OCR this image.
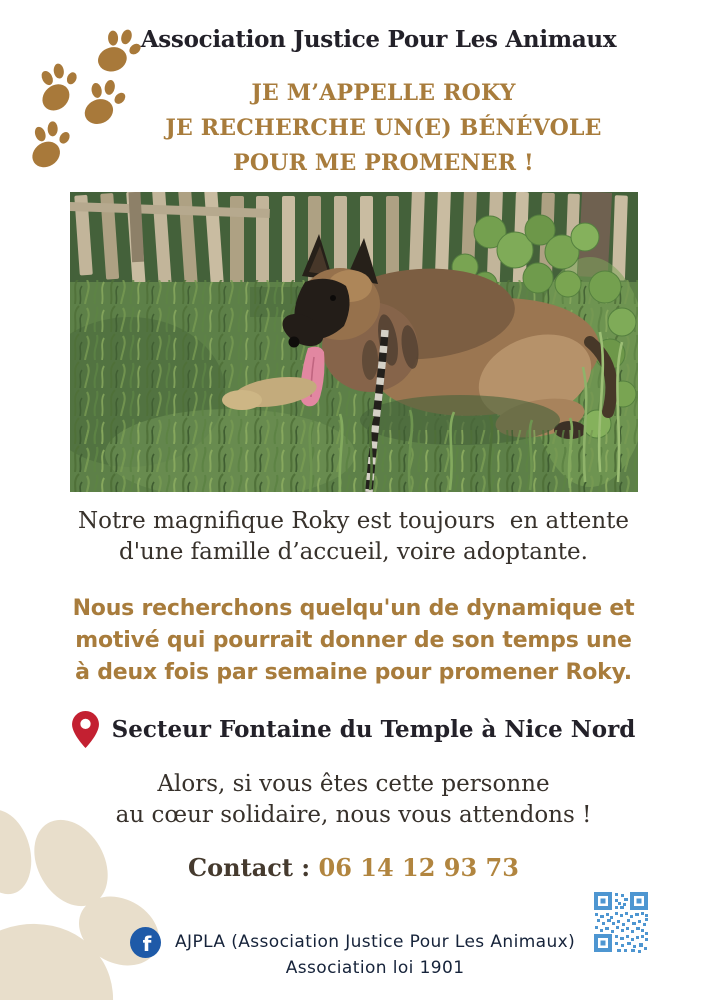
Association Justice Pour Les Animaux
JE M’APPELLE ROKY
JE RECHERCHE UN(E) BÉNÉVOLE
POUR ME PROMENER !
Notre magnifique Roky est toujours  en attente
d'une famille d’accueil, voire adoptante.
Nous recherchons quelqu'un de dynamique et
motivé qui pourrait donner de son temps une
à deux fois par semaine pour promener Roky.
Secteur Fontaine du Temple à Nice Nord
Alors, si vous êtes cette personne
au cœur solidaire, nous vous attendons !
Contact : 06 14 12 93 73
f AJPLA (Association Justice Pour Les Animaux)
Association loi 1901
